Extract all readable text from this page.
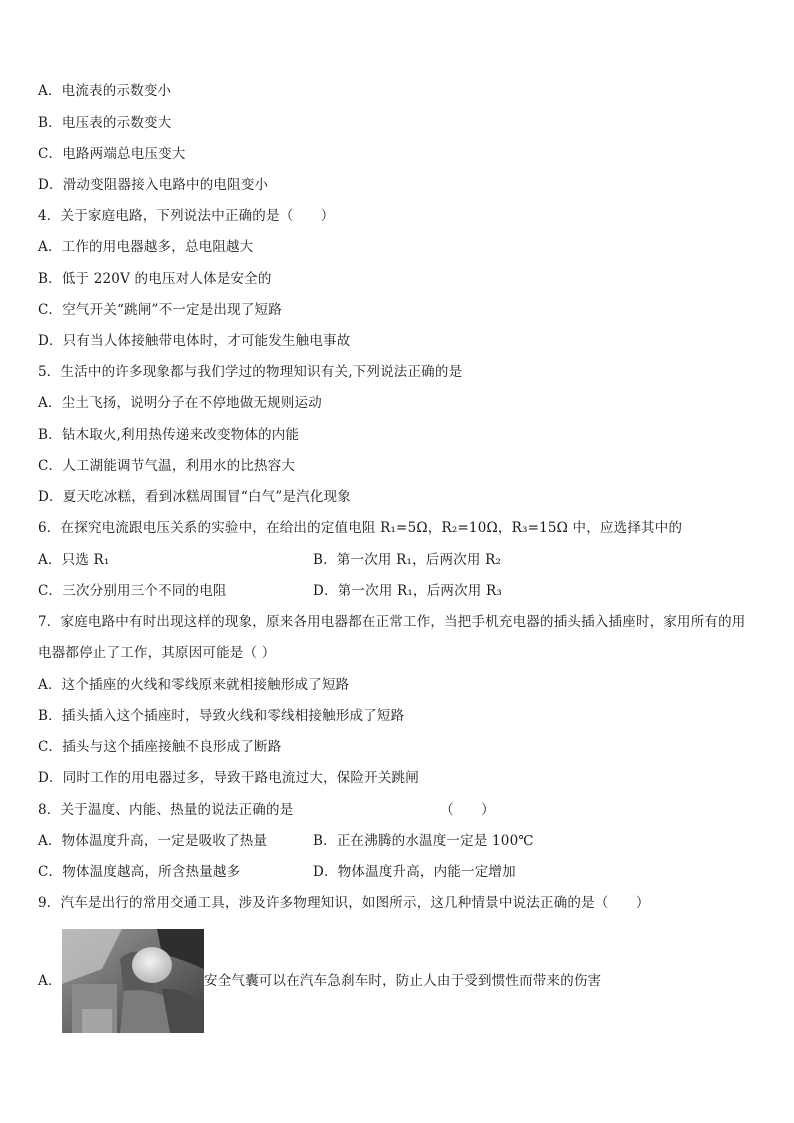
A．电流表的示数变小
B．电压表的示数变大
C．电路两端总电压变大
D．滑动变阻器接入电路中的电阻变小
4．关于家庭电路，下列说法中正确的是（　　）
A．工作的用电器越多，总电阻越大
B．低于 220V 的电压对人体是安全的
C．空气开关“跳闸”不一定是出现了短路
D．只有当人体接触带电体时，才可能发生触电事故
5．生活中的许多现象都与我们学过的物理知识有关,下列说法正确的是
A．尘土飞扬，说明分子在不停地做无规则运动
B．钻木取火,利用热传递来改变物体的内能
C．人工湖能调节气温，利用水的比热容大
D．夏天吃冰糕，看到冰糕周围冒“白气”是汽化现象
6．在探究电流跟电压关系的实验中，在给出的定值电阻 R₁=5Ω，R₂=10Ω，R₃=15Ω 中，应选择其中的
A．只选 R₁	B．第一次用 R₁，后两次用 R₂
C．三次分别用三个不同的电阻	D．第一次用 R₁，后两次用 R₃
7．家庭电路中有时出现这样的现象，原来各用电器都在正常工作，当把手机充电器的插头插入插座时，家用所有的用
电器都停止了工作，其原因可能是（ ）
A．这个插座的火线和零线原来就相接触形成了短路
B．插头插入这个插座时，导致火线和零线相接触形成了短路
C．插头与这个插座接触不良形成了断路
D．同时工作的用电器过多，导致干路电流过大，保险开关跳闸
8．关于温度、内能、热量的说法正确的是	（　　）
A．物体温度升高，一定是吸收了热量	B．正在沸腾的水温度一定是 100℃
C．物体温度越高，所含热量越多	D．物体温度升高，内能一定增加
9．汽车是出行的常用交通工具，涉及许多物理知识，如图所示，这几种情景中说法正确的是（　　）
A．	安全气囊可以在汽车急刹车时，防止人由于受到惯性而带来的伤害
